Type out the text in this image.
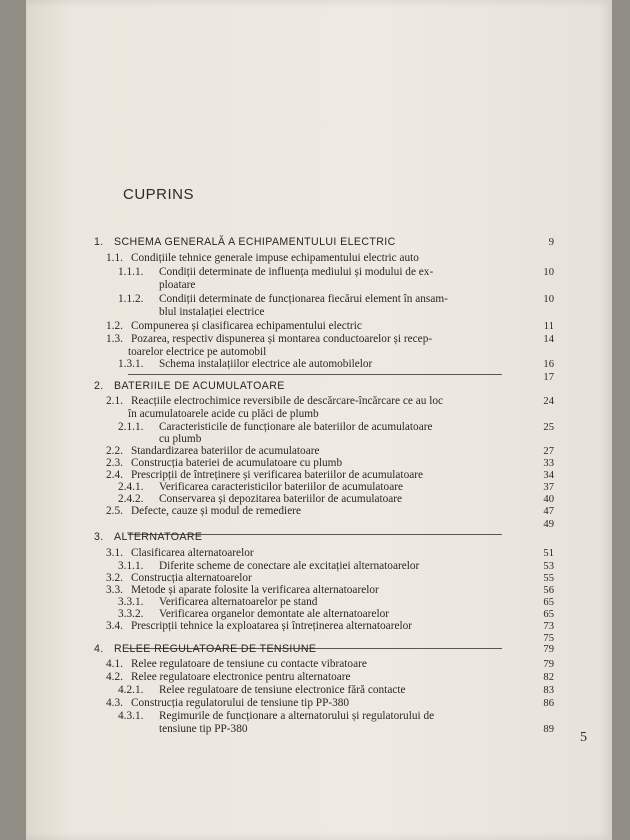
CUPRINS
1. SCHEMA GENERALĂ A ECHIPAMENTULUI ELECTRIC	9
1.1. Condițiile tehnice generale impuse echipamentului electric auto
1.1.1. Condiții determinate de influența mediului și modului de ex-	10
ploatare
1.1.2. Condiții determinate de funcționarea fiecărui element în ansam-	10
blul instalației electrice
1.2. Compunerea și clasificarea echipamentului electric	11
1.3. Pozarea, respectiv dispunerea și montarea conductoarelor și recep-	14
toarelor electrice pe automobil
1.3.1. Schema instalațiilor electrice ale automobilelor	16
17
2. BATERIILE DE ACUMULATOARE
2.1. Reacțiile electrochimice reversibile de descărcare-încărcare ce au loc	24
în acumulatoarele acide cu plăci de plumb
2.1.1. Caracteristicile de funcționare ale bateriilor de acumulatoare	25
cu plumb
2.2. Standardizarea bateriilor de acumulatoare	27
2.3. Construcția bateriei de acumulatoare cu plumb	33
2.4. Prescripții de întreținere și verificarea bateriilor de acumulatoare	34
2.4.1. Verificarea caracteristicilor bateriilor de acumulatoare	37
2.4.2. Conservarea și depozitarea bateriilor de acumulatoare	40
2.5. Defecte, cauze și modul de remediere	47
49
3. ALTERNATOARE
3.1. Clasificarea alternatoarelor	51
3.1.1. Diferite scheme de conectare ale excitației alternatoarelor	53
3.2. Construcția alternatoarelor	55
3.3. Metode și aparate folosite la verificarea alternatoarelor	56
3.3.1. Verificarea alternatoarelor pe stand	65
3.3.2. Verificarea organelor demontate ale alternatoarelor	65
3.4. Prescripții tehnice la exploatarea și întreținerea alternatoarelor	73
75
4. RELEE REGULATOARE DE TENSIUNE	79
4.1. Relee regulatoare de tensiune cu contacte vibratoare	79
4.2. Relee regulatoare electronice pentru alternatoare	82
4.2.1. Relee regulatoare de tensiune electronice fără contacte	83
4.3. Construcția regulatorului de tensiune tip PP-380	86
4.3.1. Regimurile de funcționare a alternatorului și regulatorului de
tensiune tip PP-380	89
5
